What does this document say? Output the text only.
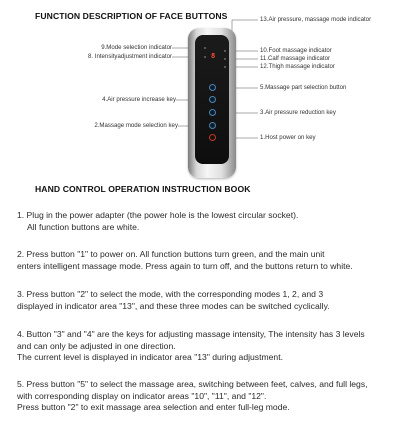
FUNCTION DESCRIPTION OF FACE BUTTONS
9.Mode selection indicator
8. Intensityadjustment indicator
4.Air pressure increase key
2.Massage mode selection key
13.Air pressure, massage mode indicator
10.Foot massage indicator
11.Calf massage indicator
12.Thigh massage indicator
5.Massage part selection button
3.Air pressure reduction key
1.Host power on key
8
HAND CONTROL OPERATION INSTRUCTION BOOK

1. Plug in the power adapter (the power hole is the lowest circular socket).

All function buttons are white.

2. Press button "1" to power on. All function buttons turn green, and the main unit

enters intelligent massage mode. Press again to turn off, and the buttons return to white.

3. Press button "2" to select the mode, with the corresponding modes 1, 2, and 3

displayed in indicator area "13", and these three modes can be switched cyclically.

4. Button "3" and "4" are the keys for adjusting massage intensity, The intensity has 3 levels

and can only be adjusted in one direction.

The current level is displayed in indicator area "13" during adjustment.

5. Press button "5" to select the massage area, switching between feet, calves, and full legs,

with corresponding display on indicator areas "10", "11", and "12".

Press button "2" to exit massage area selection and enter full-leg mode.
